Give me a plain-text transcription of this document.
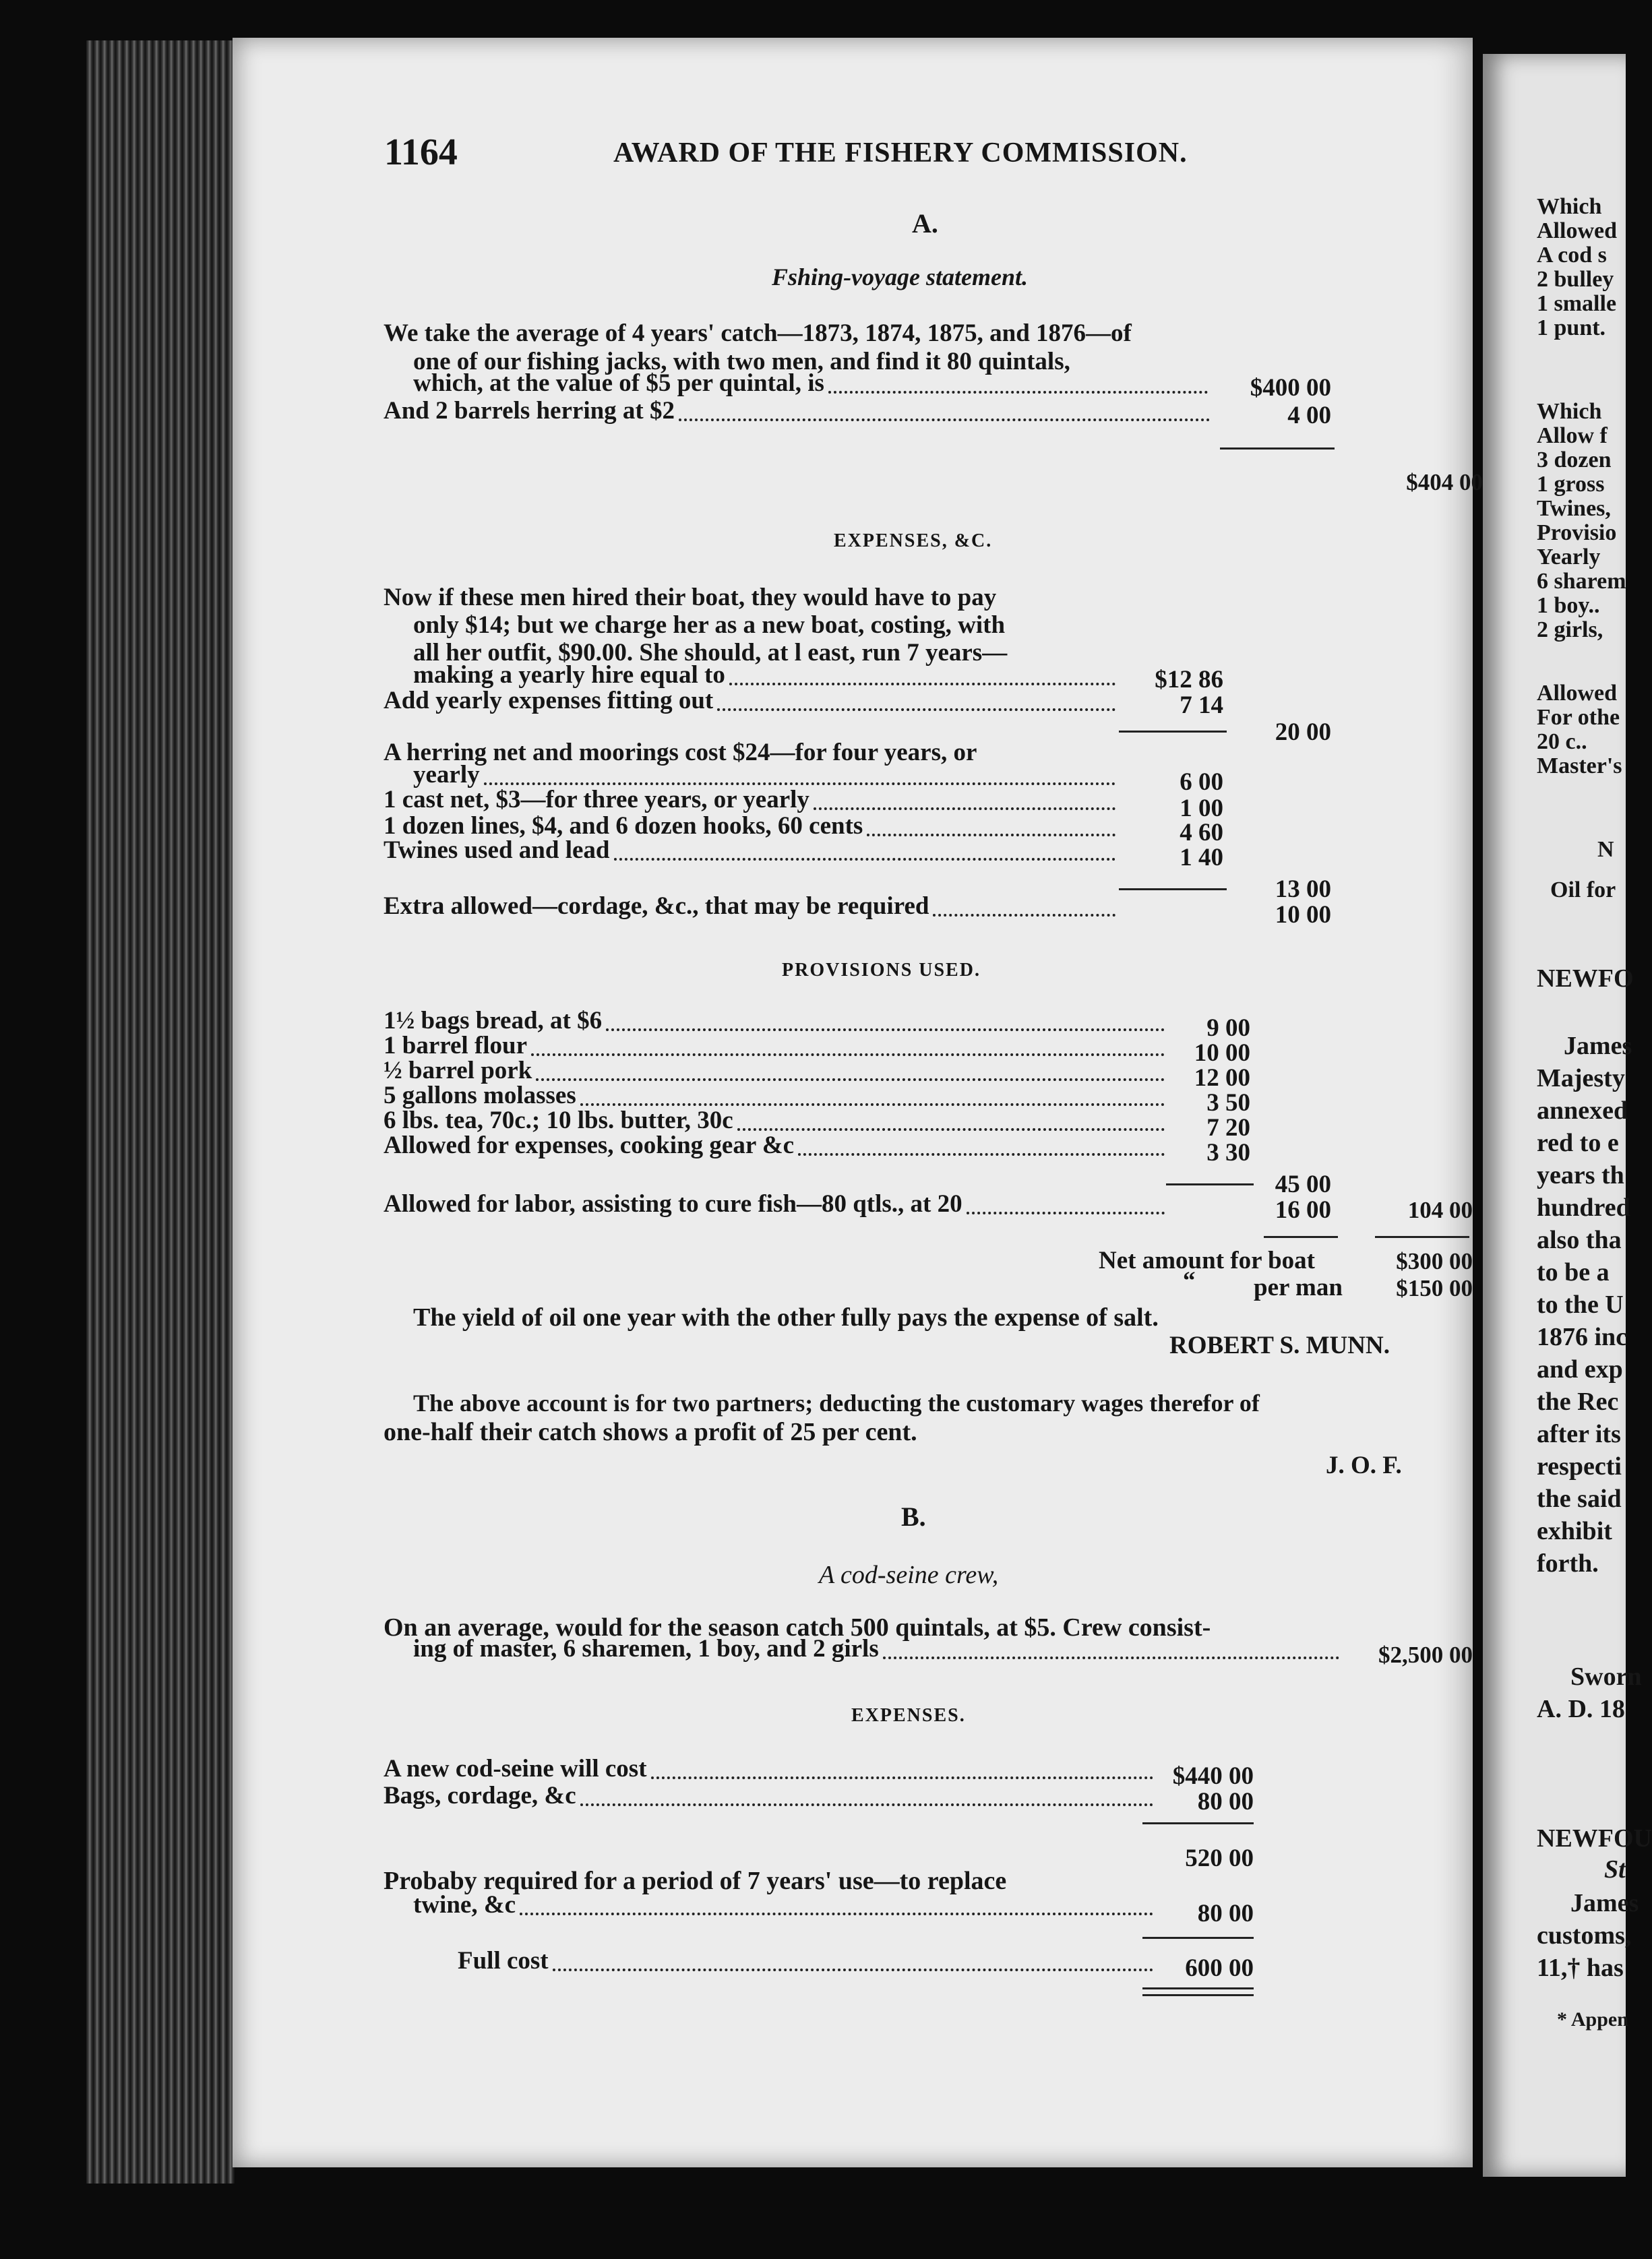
1164	AWARD OF THE FISHERY COMMISSION.
A.
Fshing-voyage statement.
We take the average of 4 years' catch—1873, 1874, 1875, and 1876—of
one of our fishing jacks, with two men, and find it 80 quintals,
which, at the value of $5 per quintal, is	$400 00
And 2 barrels herring at $2	4 00
$404 00
EXPENSES, &C.
Now if these men hired their boat, they would have to pay
only $14; but we charge her as a new boat, costing, with
all her outfit, $90.00. She should, at l east, run 7 years—
making a yearly hire equal to	$12 86
Add yearly expenses fitting out	7 14
20 00
A herring net and moorings cost $24—for four years, or
yearly	6 00
1 cast net, $3—for three years, or yearly	1 00
1 dozen lines, $4, and 6 dozen hooks, 60 cents	4 60
Twines used and lead	1 40
13 00
Extra allowed—cordage, &c., that may be required	10 00
PROVISIONS USED.
1½ bags bread, at $6	9 00
1 barrel flour	10 00
½ barrel pork	12 00
5 gallons molasses	3 50
6 lbs. tea, 70c.; 10 lbs. butter, 30c	7 20
Allowed for expenses, cooking gear &c	3 30
45 00
Allowed for labor, assisting to cure fish—80 qtls., at 20	16 00	104 00
Net amount for boat	$300 00
“ per man	$150 00
The yield of oil one year with the other fully pays the expense of salt.
ROBERT S. MUNN.
The above account is for two partners; deducting the customary wages therefor of
one-half their catch shows a profit of 25 per cent.
J. O. F.
B.
A cod-seine crew,
On an average, would for the season catch 500 quintals, at $5. Crew consist-
ing of master, 6 sharemen, 1 boy, and 2 girls	$2,500 00
EXPENSES.
A new cod-seine will cost	$440 00
Bags, cordage, &c	80 00
520 00
Probaby required for a period of 7 years' use—to replace
twine, &c	80 00
Full cost	600 00
Which
Allowed
A cod s
2 bulley
1 smalle
1 punt.
Which
Allow f
3 dozen
1 gross
Twines,
Provisio
Yearly
6 sharem
1 boy..
2 girls,
Allowed
For othe
20 c..
Master's
N
Oil for
NEWFO
James
Majesty
annexed
red to e
years th
hundred
also tha
to be a
to the U
1876 inc
and exp
the Rec
after its
respecti
the said
exhibit
forth.
Sworn
A. D. 18
NEWFOU
St
James
customs,
11,† has
* Appen
